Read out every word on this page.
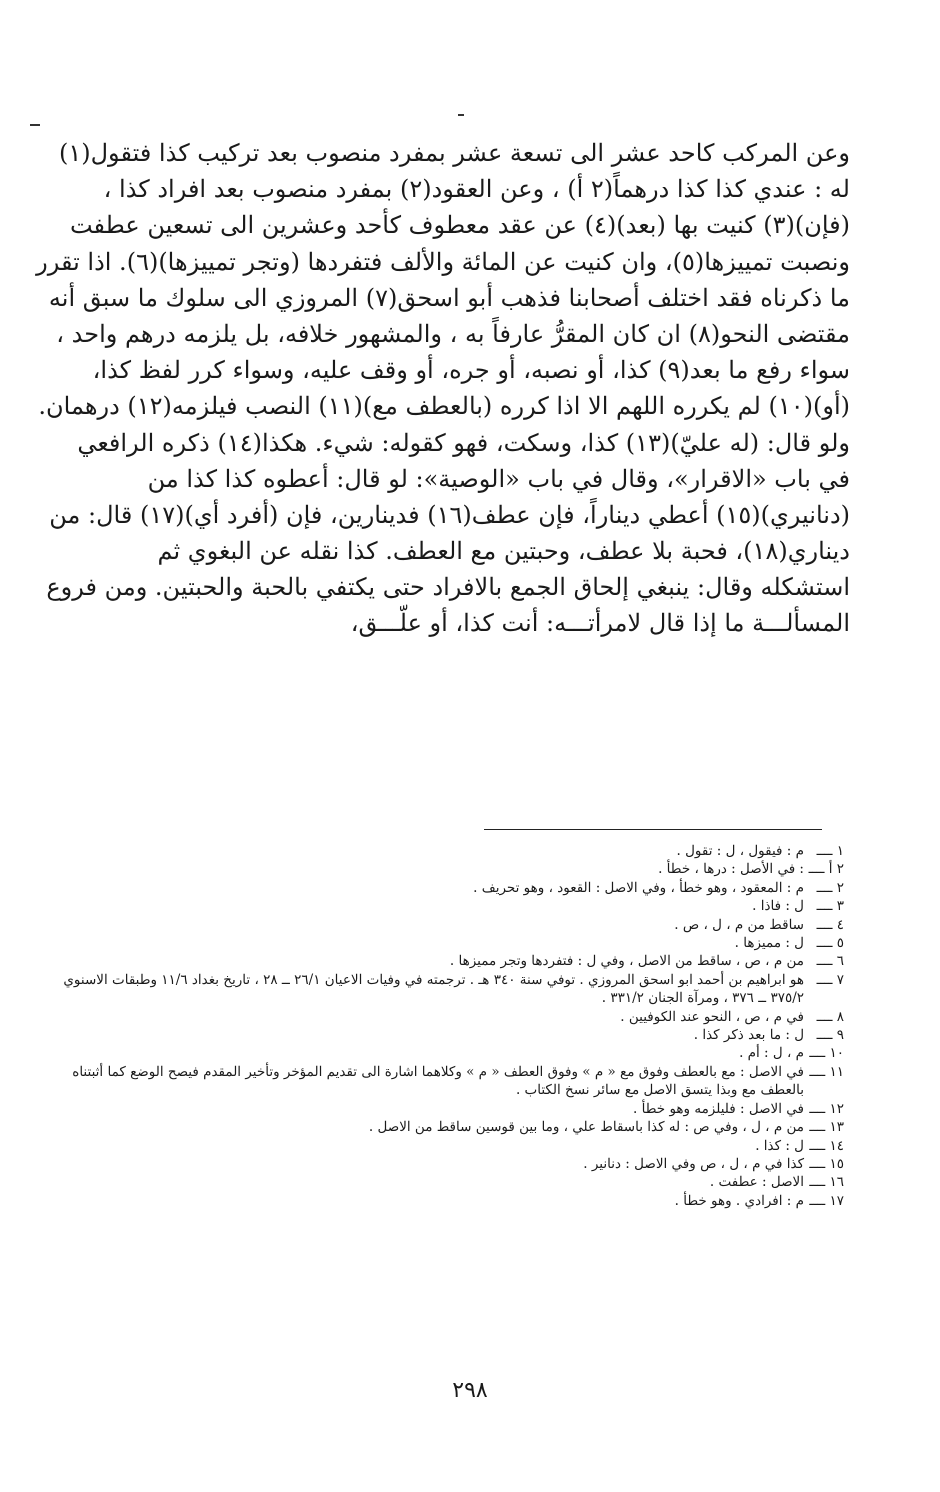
وعن المركب كاحد عشر الى تسعة عشر بمفرد منصوب بعد تركيب كذا فتقول(١)
له : عندي كذا كذا درهماً(٢ أ) ، وعن العقود(٢) بمفرد منصوب بعد افراد كذا ،
(فإن)(٣) كنيت بها (بعد)(٤) عن عقد معطوف كأحد وعشرين الى تسعين عطفت
ونصبت تمييزها(٥)، وان كنيت عن المائة والألف فتفردها (وتجر تمييزها)(٦). اذا تقرر
ما ذكرناه فقد اختلف أصحابنا فذهب أبو اسحق(٧) المروزي الى سلوك ما سبق أنه
مقتضى النحو(٨) ان كان المقرُّ عارفاً به ، والمشهور خلافه، بل يلزمه درهم واحد ،
سواء رفع ما بعد(٩) كذا، أو نصبه، أو جره، أو وقف عليه، وسواء كرر لفظ كذا،
(أو)(١٠) لم يكرره اللهم الا اذا كرره (بالعطف مع)(١١) النصب فيلزمه(١٢) درهمان.
ولو قال: (له عليّ)(١٣) كذا، وسكت، فهو كقوله: شيء. هكذا(١٤) ذكره الرافعي
في باب «الاقرار»، وقال في باب «الوصية»: لو قال: أعطوه كذا كذا من
(دنانيري)(١٥) أعطي ديناراً، فإن عطف(١٦) فدينارين، فإن (أفرد أي)(١٧) قال: من
ديناري(١٨)، فحبة بلا عطف، وحبتين مع العطف. كذا نقله عن البغوي ثم
استشكله وقال: ينبغي إلحاق الجمع بالافراد حتى يكتفي بالحبة والحبتين. ومن فروع
المسألـــة ما إذا قال لامرأتـــه: أنت كذا، أو علّـــق،
١ ــــ
م : فيقول ، ل : تقول .
٢ أ ــــ
: في الأصل : درها ، خطأ .
٢ ــــ
م : المعقود ، وهو خطأ ، وفي الاصل : القعود ، وهو تحريف .
٣ ــــ
ل : فاذا .
٤ ــــ
ساقط من م ، ل ، ص .
٥ ــــ
ل : مميزها .
٦ ــــ
من م ، ص ، ساقط من الاصل ، وفي ل : فتفردها وتجر مميزها .
٧ ــــ
هو ابراهيم بن أحمد ابو اسحق المروزي . توفي سنة ٣٤٠ هـ . ترجمته في وفيات الاعيان ٢٦/١ ــ ٢٨ ، تاريخ بغداد ١١/٦ وطبقات الاسنوي ٣٧٥/٢ ــ ٣٧٦ ، ومرآة الجنان ٣٣١/٢ .
٨ ــــ
في م ، ص ، النحو عند الكوفيين .
٩ ــــ
ل : ما بعد ذكر كذا .
١٠ ــــ
م ، ل : أم .
١١ ــــ
في الاصل : مع بالعطف وفوق مع « م » وفوق العطف « م » وكلاهما اشارة الى تقديم المؤخر وتأخير المقدم فيصح الوضع كما أثبتناه بالعطف مع وبذا يتسق الاصل مع سائر نسخ الكتاب .
١٢ ــــ
في الاصل : فليلزمه وهو خطأ .
١٣ ــــ
من م ، ل ، وفي ص : له كذا باسقاط علي ، وما بين قوسين ساقط من الاصل .
١٤ ــــ
ل : كذا .
١٥ ــــ
كذا في م ، ل ، ص وفي الاصل : دنانير .
١٦ ــــ
الاصل : عطفت .
١٧ ــــ
م : افرادي . وهو خطأ .
٢٩٨
